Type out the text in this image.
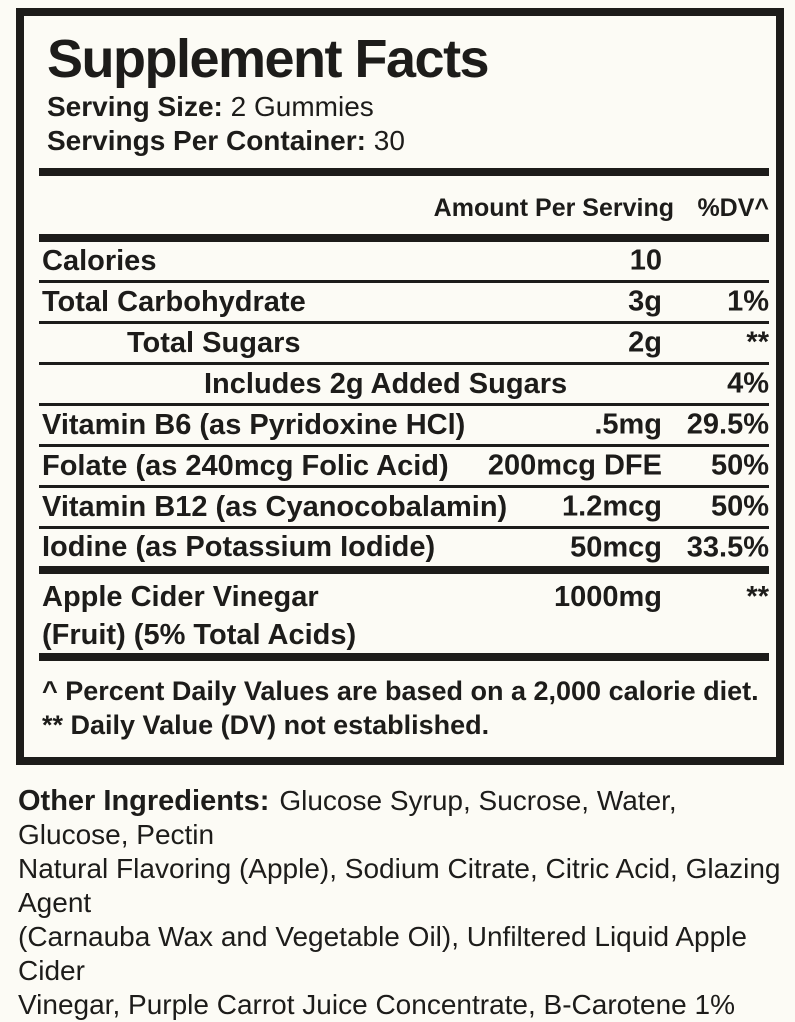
Supplement Facts
Serving Size: 2 Gummies
Servings Per Container: 30
Amount Per Serving %DV^
Calories	10
Total Carbohydrate	3g 1%
Total Sugars	2g	**
Includes 2g Added Sugars	4%
Vitamin B6 (as Pyridoxine HCl)	.5mg 29.5%
Folate (as 240mcg Folic Acid) 200mcg DFE 50%
Vitamin B12 (as Cyanocobalamin) 1.2mcg 50%
Iodine (as Potassium Iodide)	50mcg 33.5%
Apple Cider Vinegar
(Fruit) (5% Total Acids)
1000mg	**
^ Percent Daily Values are based on a 2,000 calorie diet.
** Daily Value (DV) not established.
Other Ingredients: Glucose Syrup, Sucrose, Water, Glucose, Pectin
Natural Flavoring (Apple), Sodium Citrate, Citric Acid, Glazing Agent
(Carnauba Wax and Vegetable Oil), Unfiltered Liquid Apple Cider
Vinegar, Purple Carrot Juice Concentrate, B-Carotene 1%
